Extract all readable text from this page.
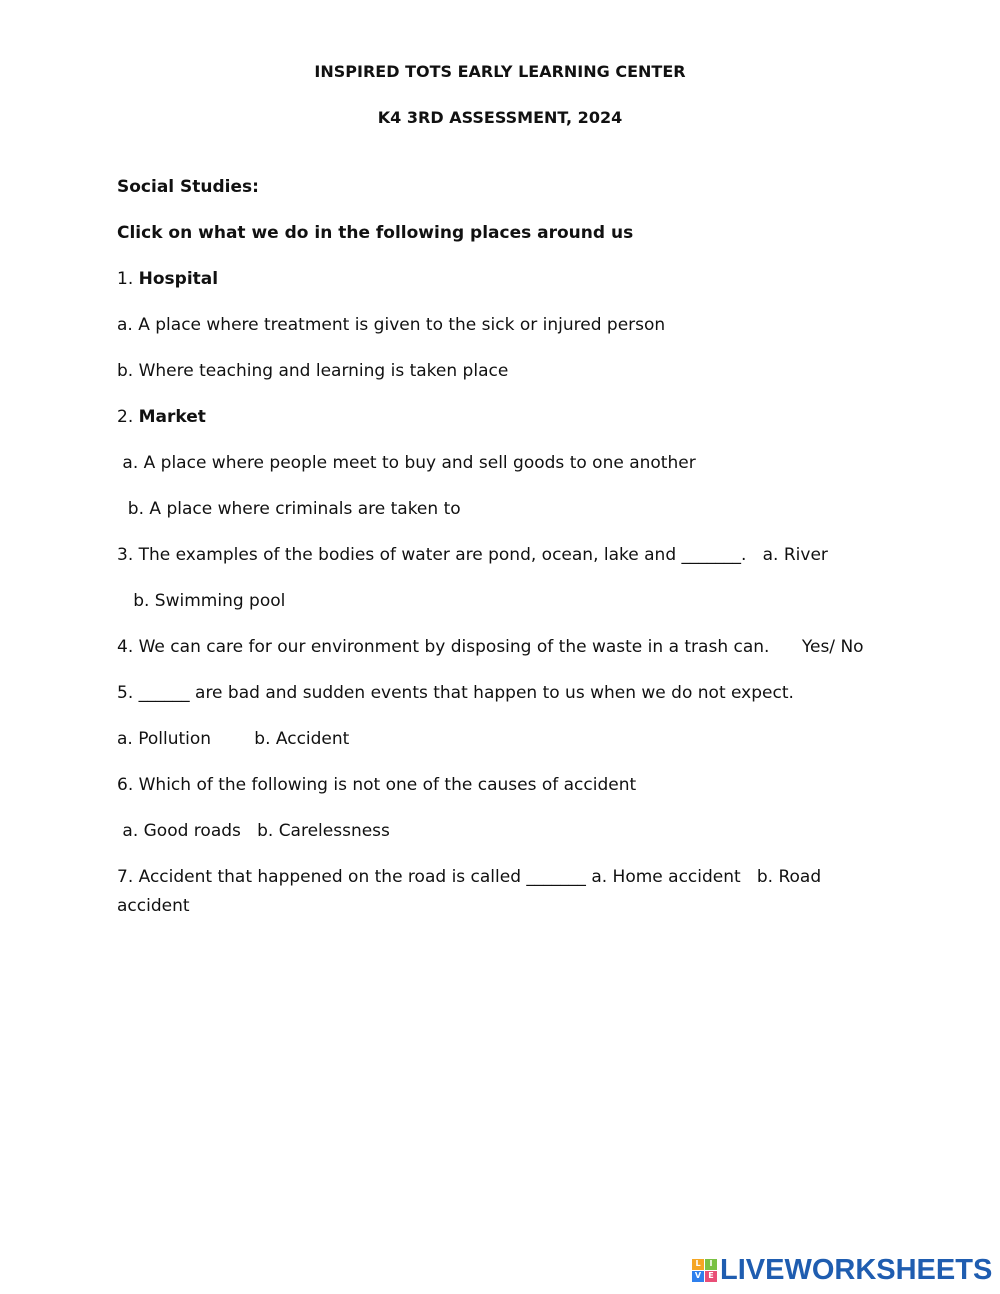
INSPIRED TOTS EARLY LEARNING CENTER

K4 3RD ASSESSMENT, 2024

Social Studies:

Click on what we do in the following places around us

1. Hospital

a. A place where treatment is given to the sick or injured person

b. Where teaching and learning is taken place

2. Market

a. A place where people meet to buy and sell goods to one another

b. A place where criminals are taken to

3. The examples of the bodies of water are pond, ocean, lake and _______.   a. River

b. Swimming pool

4. We can care for our environment by disposing of the waste in a trash can.      Yes/ No

5. ______ are bad and sudden events that happen to us when we do not expect.

a. Pollution        b. Accident

6. Which of the following is not one of the causes of accident

a. Good roads   b. Carelessness

7. Accident that happened on the road is called _______ a. Home accident   b. Road

accident

L	I
V E LIVEWORKSHEETS
